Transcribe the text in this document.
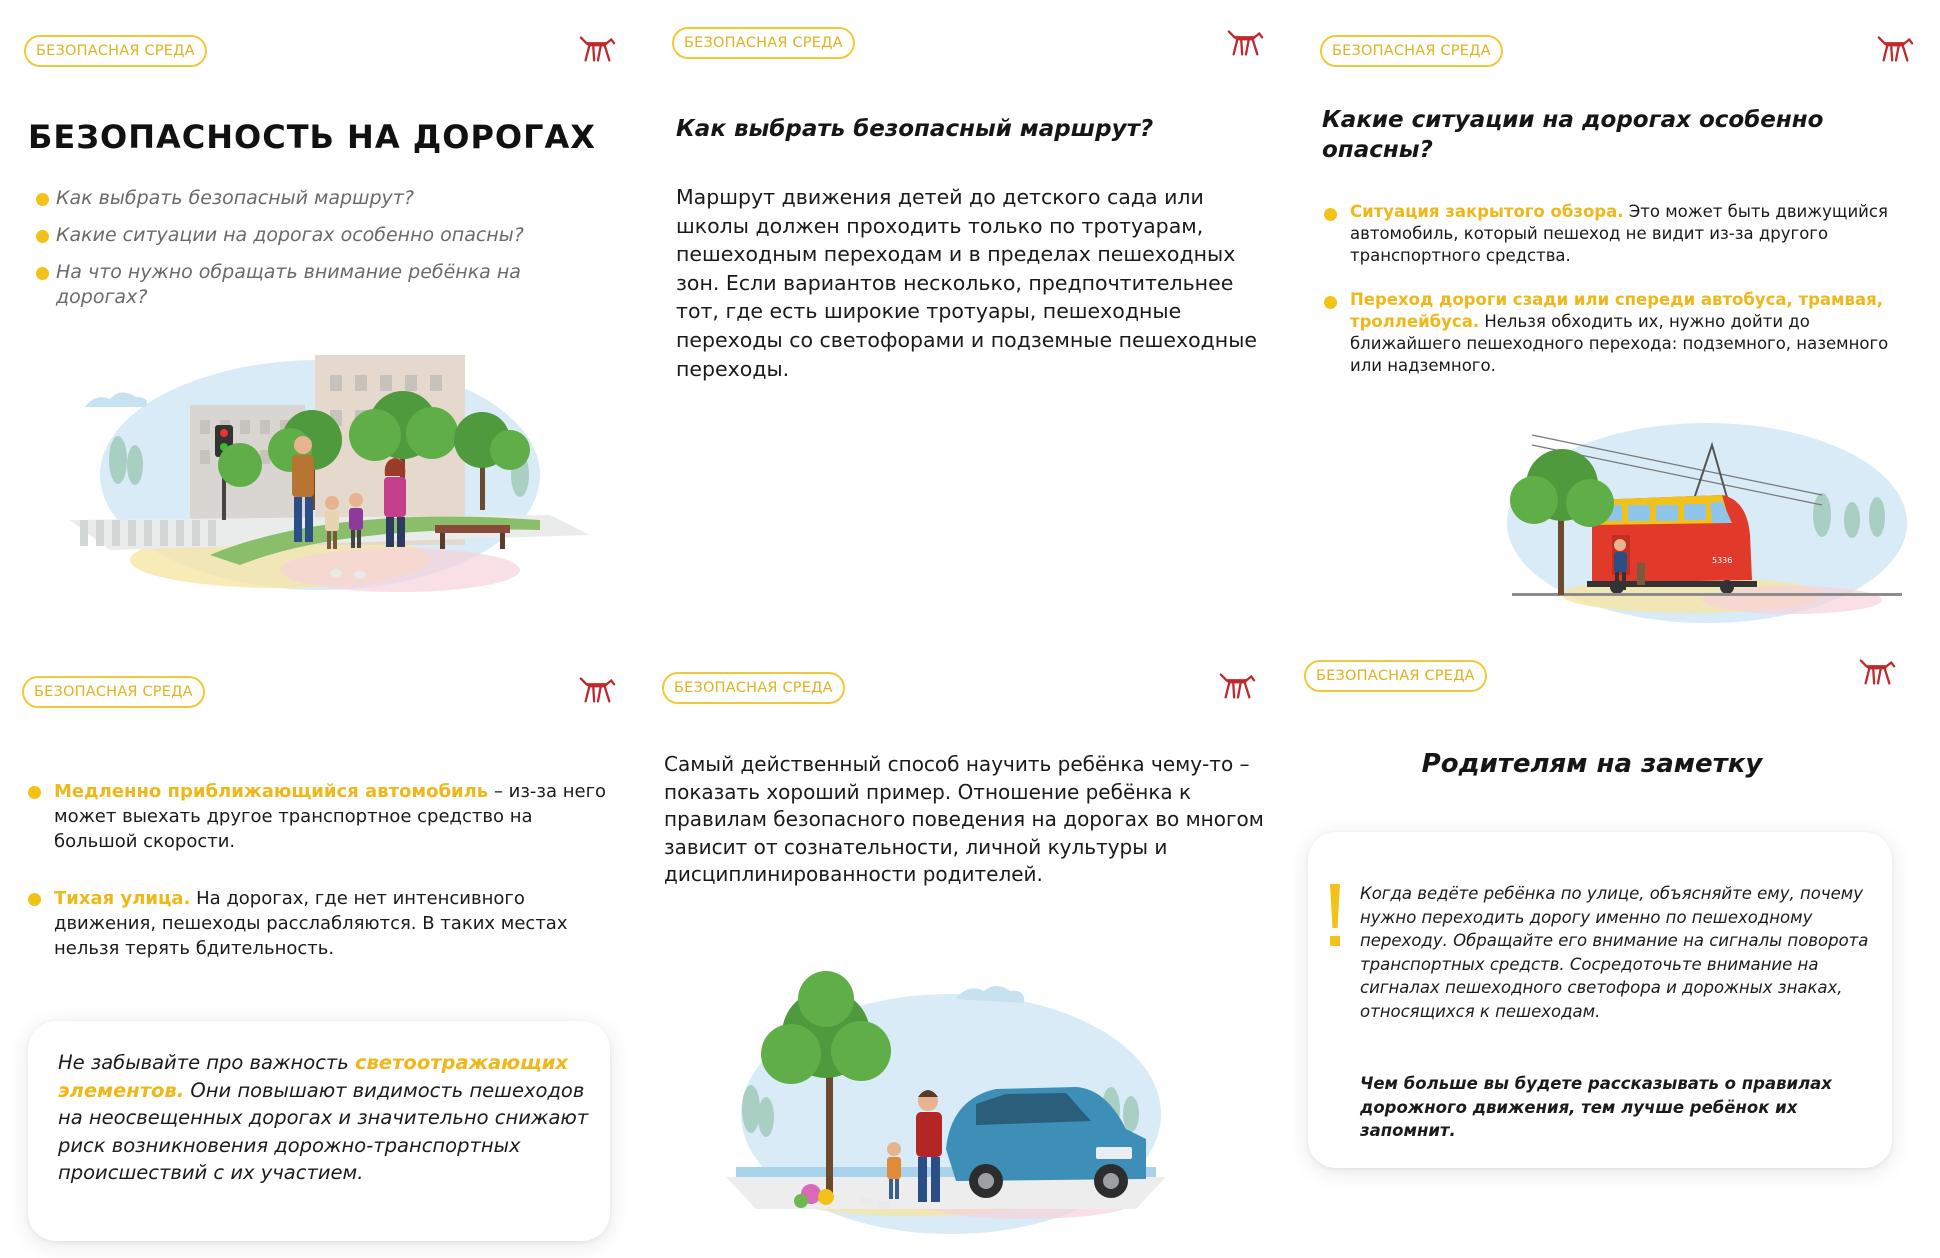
БЕЗОПАСНАЯ СРЕДА
БЕЗОПАСНОСТЬ НА ДОРОГАХ
Как выбрать безопасный маршрут?
Какие ситуации на дорогах особенно опасны?
На что нужно обращать внимание ребёнка на дорогах?
БЕЗОПАСНАЯ СРЕДА
Как выбрать безопасный маршрут?

Маршрут движения детей до детского сада или школы должен проходить только по тротуарам, пешеходным переходам и в пределах пешеходных зон. Если вариантов несколько, предпочтительнее тот, где есть широкие тротуары, пешеходные переходы со светофорами и подземные пешеходные переходы.

БЕЗОПАСНАЯ СРЕДА
Какие ситуации на дорогах особенно опасны?
Ситуация закрытого обзора. Это может быть движущийся автомобиль, который пешеход не видит из-за другого транспортного средства.
Переход дороги сзади или спереди автобуса, трамвая, троллейбуса. Нельзя обходить их, нужно дойти до ближайшего пешеходного перехода: подземного, наземного или надземного.
5336
БЕЗОПАСНАЯ СРЕДА
Медленно приближающийся автомобиль – из-за него может выехать другое транспортное средство на большой скорости.
Тихая улица. На дорогах, где нет интенсивного движения, пешеходы расслабляются. В таких местах нельзя терять бдительность.

Не забывайте про важность светоотражающих элементов. Они повышают видимость пешеходов на неосвещенных дорогах и значительно снижают риск возникновения дорожно-транспортных происшествий с их участием.

БЕЗОПАСНАЯ СРЕДА

Самый действенный способ научить ребёнка чему-то – показать хороший пример. Отношение ребёнка к правилам безопасного поведения на дорогах во многом зависит от сознательности, личной культуры и дисциплинированности родителей.

БЕЗОПАСНАЯ СРЕДА
Родителям на заметку

Когда ведёте ребёнка по улице, объясняйте ему, почему нужно переходить дорогу именно по пешеходному переходу. Обращайте его внимание на сигналы поворота транспортных средств. Сосредоточьте внимание на сигналах пешеходного светофора и дорожных знаках, относящихся к пешеходам.

Чем больше вы будете рассказывать о правилах дорожного движения, тем лучше ребёнок их запомнит.
